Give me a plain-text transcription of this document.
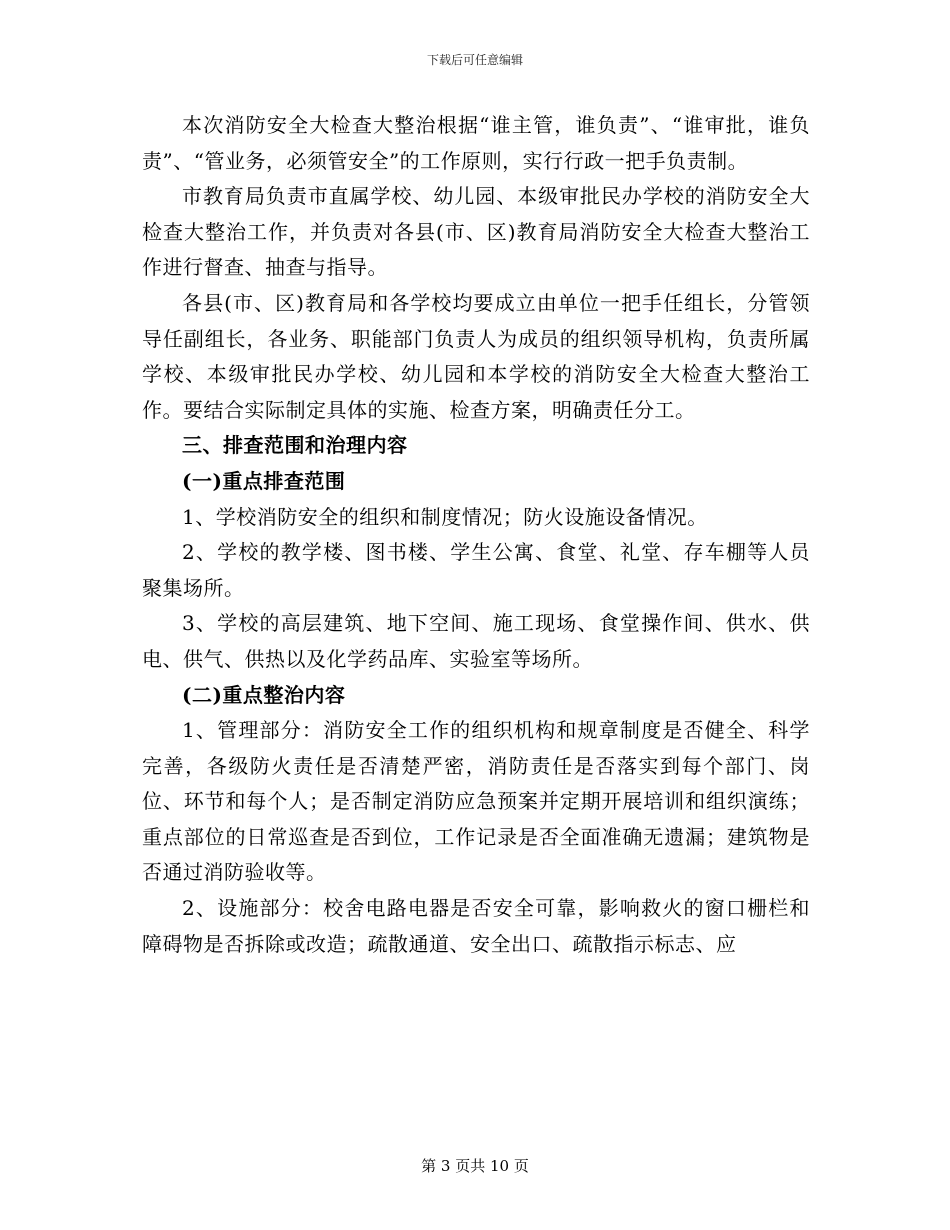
下载后可任意编辑

本次消防安全大检查大整治根据“谁主管，谁负责”、“谁审批，谁负责”、“管业务，必须管安全”的工作原则，实行行政一把手负责制。

市教育局负责市直属学校、幼儿园、本级审批民办学校的消防安全大检查大整治工作，并负责对各县(市、区)教育局消防安全大检查大整治工作进行督查、抽查与指导。

各县(市、区)教育局和各学校均要成立由单位一把手任组长，分管领导任副组长，各业务、职能部门负责人为成员的组织领导机构，负责所属学校、本级审批民办学校、幼儿园和本学校的消防安全大检查大整治工作。要结合实际制定具体的实施、检查方案，明确责任分工。

三、排查范围和治理内容

(一)重点排查范围

1、学校消防安全的组织和制度情况；防火设施设备情况。

2、学校的教学楼、图书楼、学生公寓、食堂、礼堂、存车棚等人员聚集场所。

3、学校的高层建筑、地下空间、施工现场、食堂操作间、供水、供电、供气、供热以及化学药品库、实验室等场所。

(二)重点整治内容

1、管理部分：消防安全工作的组织机构和规章制度是否健全、科学完善，各级防火责任是否清楚严密，消防责任是否落实到每个部门、岗位、环节和每个人；是否制定消防应急预案并定期开展培训和组织演练；重点部位的日常巡查是否到位，工作记录是否全面准确无遗漏；建筑物是否通过消防验收等。

2、设施部分：校舍电路电器是否安全可靠，影响救火的窗口栅栏和障碍物是否拆除或改造；疏散通道、安全出口、疏散指示标志、应

第 3 页共 10 页
